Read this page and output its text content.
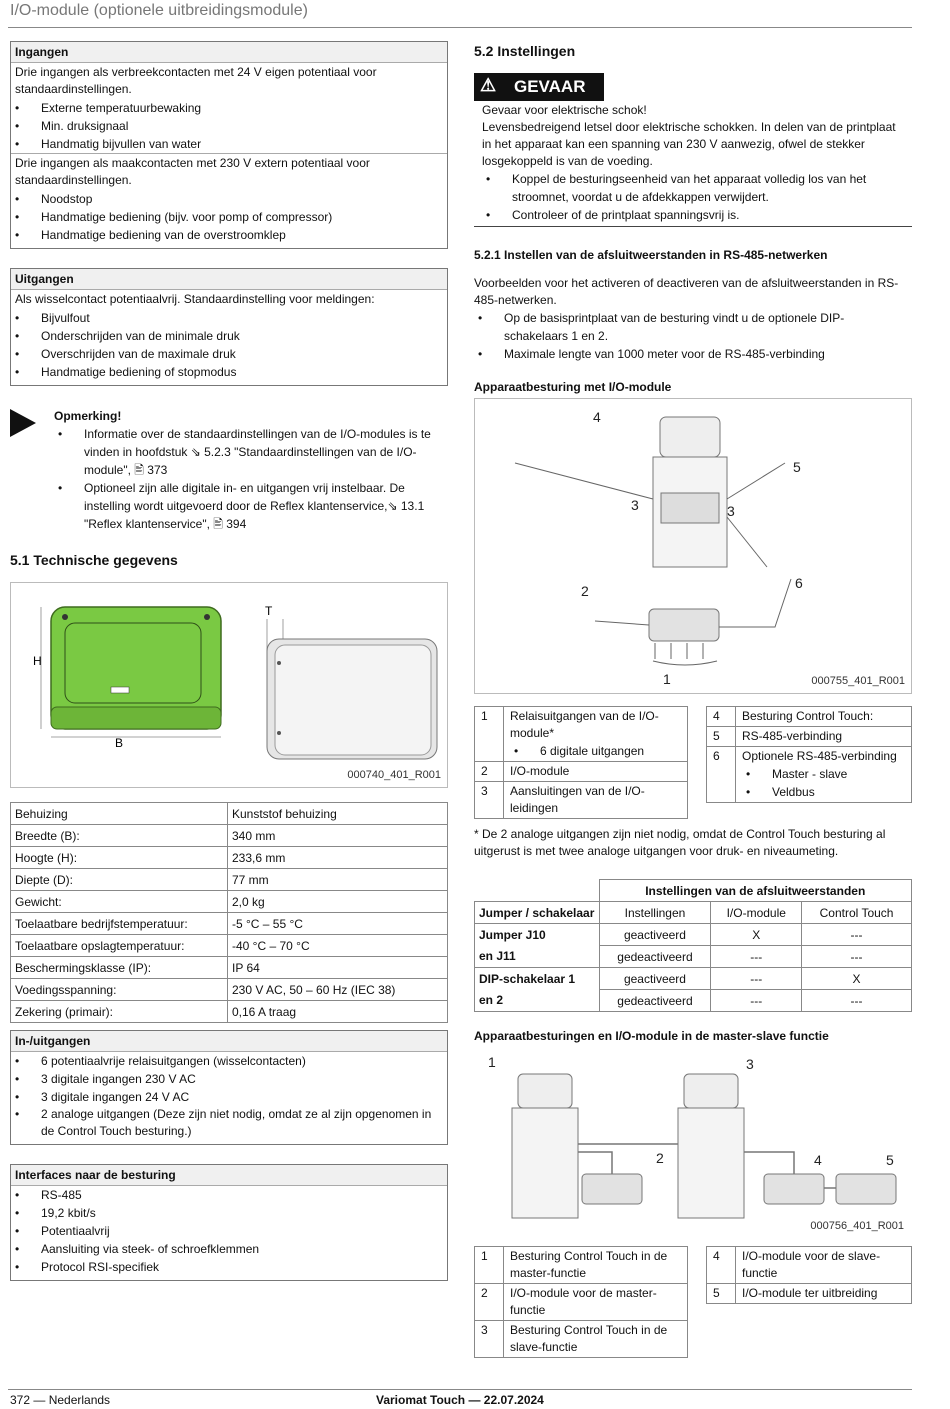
I/O-module (optionele uitbreidingsmodule)
Ingangen
Drie ingangen als verbreekcontacten met 24 V eigen potentiaal voor standaardinstellingen.
• Externe temperatuurbewaking
• Min. druksignaal
• Handmatig bijvullen van water
Drie ingangen als maakcontacten met 230 V extern potentiaal voor standaardinstellingen.
• Noodstop
• Handmatige bediening (bijv. voor pomp of compressor)
• Handmatige bediening van de overstroomklep
Uitgangen
Als wisselcontact potentiaalvrij. Standaardinstelling voor meldingen:
• Bijvulfout
• Onderschrijden van de minimale druk
• Overschrijden van de maximale druk
• Handmatige bediening of stopmodus
Opmerking!
• Informatie over de standaardinstellingen van de I/O-modules is te vinden in hoofdstuk ⇘ 5.2.3 "Standaardinstellingen van de I/O-module", 🖹 373
• Optioneel zijn alle digitale in- en uitgangen vrij instelbaar. De instelling wordt uitgevoerd door de Reflex klantenservice,⇘ 13.1 "Reflex klantenservice", 🖹 394
5.1 Technische gegevens
H
B
T
000740_401_R001
Behuizing	Kunststof behuizing
Breedte (B):	340 mm
Hoogte (H):	233,6 mm
Diepte (D):	77 mm
Gewicht:	2,0 kg
Toelaatbare bedrijfstemperatuur:	-5 °C – 55 °C
Toelaatbare opslagtemperatuur:	-40 °C – 70 °C
Beschermingsklasse (IP):	IP 64
Voedingsspanning:	230 V AC, 50 – 60 Hz (IEC 38)
Zekering (primair):	0,16 A traag
In-/uitgangen
• 6 potentiaalvrije relaisuitgangen (wisselcontacten)
• 3 digitale ingangen 230 V AC
• 3 digitale ingangen 24 V AC
• 2 analoge uitgangen (Deze zijn niet nodig, omdat ze al zijn opgenomen in de Control Touch besturing.)
Interfaces naar de besturing
• RS-485
• 19,2 kbit/s
• Potentiaalvrij
• Aansluiting via steek- of schroefklemmen
• Protocol RSI-specifiek
5.2 Instellingen
⚠ GEVAAR
Gevaar voor elektrische schok!
Levensbedreigend letsel door elektrische schokken. In delen van de printplaat in het apparaat kan een spanning van 230 V aanwezig, ofwel de stekker losgekoppeld is van de voeding.
• Koppel de besturingseenheid van het apparaat volledig los van het stroomnet, voordat u de afdekkappen verwijdert.
• Controleer of de printplaat spanningsvrij is.
5.2.1 Instellen van de afsluitweerstanden in RS-485-netwerken
Voorbeelden voor het activeren of deactiveren van de afsluitweerstanden in RS-485-netwerken.
• Op de basisprintplaat van de besturing vindt u de optionele DIP-schakelaars 1 en 2.
• Maximale lengte van 1000 meter voor de RS-485-verbinding
Apparaatbesturing met I/O-module
4
5
3	3
2	6
1	000755_401_R001
1	Relaisuitgangen van de I/O-module*
• 6 digitale uitgangen

2	I/O-module
3	Aansluitingen van de I/O-leidingen
4	Besturing Control Touch:
5	RS-485-verbinding
6	Optionele RS-485-verbinding
• Master - slave
• Veldbus
* De 2 analoge uitgangen zijn niet nodig, omdat de Control Touch besturing al uitgerust is met twee analoge uitgangen voor druk- en niveaumeting.
	Instellingen van de afsluitweerstanden		
Jumper / schakelaar	Instellingen	I/O-module	Control Touch
Jumper J10	geactiveerd	X	---
en J11	gedeactiveerd	---	---
DIP-schakelaar 1	geactiveerd	---	X
en 2	gedeactiveerd	---	---
Apparaatbesturingen en I/O-module in de master-slave functie
1	3
2	4	5
000756_401_R001
1	Besturing Control Touch in de master-functie
2	I/O-module voor de master-functie
3	Besturing Control Touch in de slave-functie
4	I/O-module voor de slave-functie
5	I/O-module ter uitbreiding
372 — Nederlands	Variomat Touch — 22.07.2024
